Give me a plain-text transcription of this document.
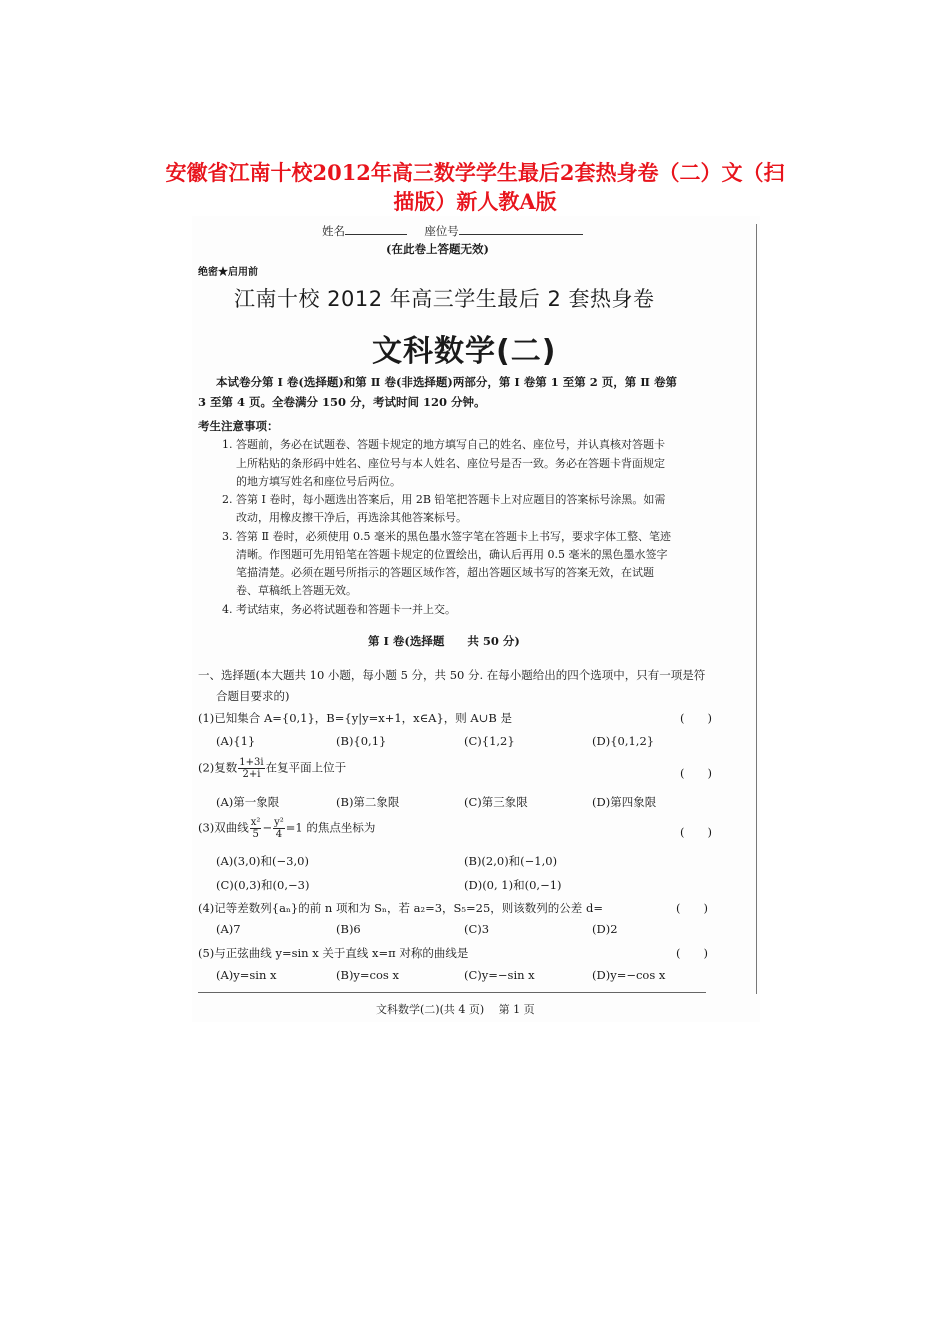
安徽省江南十校2012年高三数学学生最后2套热身卷（二）文（扫
描版）新人教A版
姓名	座位号
(在此卷上答题无效)
绝密★启用前
江南十校 2012 年高三学生最后 2 套热身卷
文科数学(二)
本试卷分第 Ⅰ 卷(选择题)和第 Ⅱ 卷(非选择题)两部分，第 Ⅰ 卷第 1 至第 2 页，第 Ⅱ 卷第
3 至第 4 页。全卷满分 150 分，考试时间 120 分钟。
考生注意事项：
1. 答题前，务必在试题卷、答题卡规定的地方填写自己的姓名、座位号，并认真核对答题卡
上所粘贴的条形码中姓名、座位号与本人姓名、座位号是否一致。务必在答题卡背面规定
的地方填写姓名和座位号后两位。
2. 答第 Ⅰ 卷时，每小题选出答案后，用 2B 铅笔把答题卡上对应题目的答案标号涂黑。如需
改动，用橡皮擦干净后，再选涂其他答案标号。
3. 答第 Ⅱ 卷时，必须使用 0.5 毫米的黑色墨水签字笔在答题卡上书写，要求字体工整、笔迹
清晰。作图题可先用铅笔在答题卡规定的位置绘出，确认后再用 0.5 毫米的黑色墨水签字
笔描清楚。必须在题号所指示的答题区域作答，超出答题区域书写的答案无效，在试题
卷、草稿纸上答题无效。
4. 考试结束，务必将试题卷和答题卡一并上交。
第 Ⅰ 卷(选择题　　共 50 分)
一、选择题(本大题共 10 小题，每小题 5 分，共 50 分. 在每小题给出的四个选项中，只有一项是符
合题目要求的)
(1)已知集合 A={0,1}，B={y|y=x+1，x∈A}，则 A∪B 是	(　　)
(A){1}	(B){0,1}	(C){1,2}	(D){0,1,2}
(2)复数 $\frac{1+3i}{2+i}$ 在复平面上位于	(　　)
(A)第一象限	(B)第二象限	(C)第三象限	(D)第四象限
(3)双曲线 $\frac{\text{x²}}{5} - \frac{\text{y²}}{4} =1$ 的焦点坐标为	(　　)
(A)(3,0)和(−3,0)	(B)(2,0)和(−1,0)
(C)(0,3)和(0,−3)	(D)(0, 1)和(0,−1)
(4)记等差数列{aₙ}的前 n 项和为 Sₙ，若 a₂=3，S₅=25，则该数列的公差 d=	(　　)
(A)7	(B)6	(C)3	(D)2
(5)与正弦曲线 y=sin x 关于直线 x=π 对称的曲线是	(　　)
(A)y=sin x	(B)y=cos x	(C)y=−sin x	(D)y=−cos x
文科数学(二)(共 4 页)　 第 1 页
